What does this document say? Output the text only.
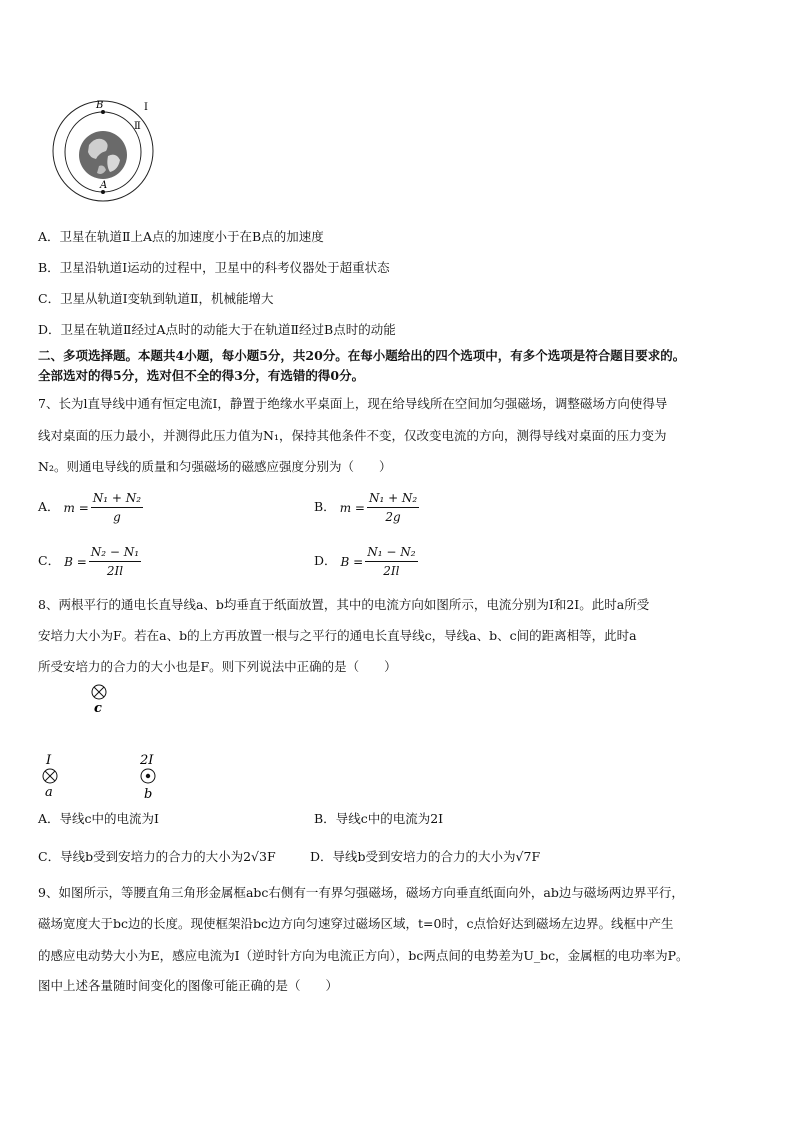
B
A
Ⅰ
Ⅱ
A．卫星在轨道Ⅱ上A点的加速度小于在B点的加速度
B．卫星沿轨道Ⅰ运动的过程中，卫星中的科考仪器处于超重状态
C．卫星从轨道Ⅰ变轨到轨道Ⅱ，机械能增大
D．卫星在轨道Ⅱ经过A点时的动能大于在轨道Ⅱ经过B点时的动能
二、多项选择题。本题共4小题，每小题5分，共20分。在每小题给出的四个选项中，有多个选项是符合题目要求的。
全部选对的得5分，选对但不全的得3分，有选错的得0分。
7、长为l直导线中通有恒定电流I，静置于绝缘水平桌面上，现在给导线所在空间加匀强磁场，调整磁场方向使得导
线对桌面的压力最小，并测得此压力值为N₁，保持其他条件不变，仅改变电流的方向，测得导线对桌面的压力变为
N₂。则通电导线的质量和匀强磁场的磁感应强度分别为（　　）
A． $m = \frac{\text{N₁ + N₂}}{g}$	B． $m = \frac{\text{N₁ + N₂}}{2g}$
C． $B = \frac{\text{N₂ − N₁}}{2Il}$	D． $B = \frac{\text{N₁ − N₂}}{2Il}$
8、两根平行的通电长直导线a、b均垂直于纸面放置，其中的电流方向如图所示，电流分别为I和2I。此时a所受
安培力大小为F。若在a、b的上方再放置一根与之平行的通电长直导线c，导线a、b、c间的距离相等，此时a
所受安培力的合力的大小也是F。则下列说法中正确的是（　　）
c
I
a
2I
b
A．导线c中的电流为I	B．导线c中的电流为2I
C．导线b受到安培力的合力的大小为2√3F	D．导线b受到安培力的合力的大小为√7F
9、如图所示，等腰直角三角形金属框abc右侧有一有界匀强磁场，磁场方向垂直纸面向外，ab边与磁场两边界平行，
磁场宽度大于bc边的长度。现使框架沿bc边方向匀速穿过磁场区域，t=0时，c点恰好达到磁场左边界。线框中产生
的感应电动势大小为E，感应电流为I（逆时针方向为电流正方向），bc两点间的电势差为U_bc，金属框的电功率为P。
图中上述各量随时间变化的图像可能正确的是（　　）
